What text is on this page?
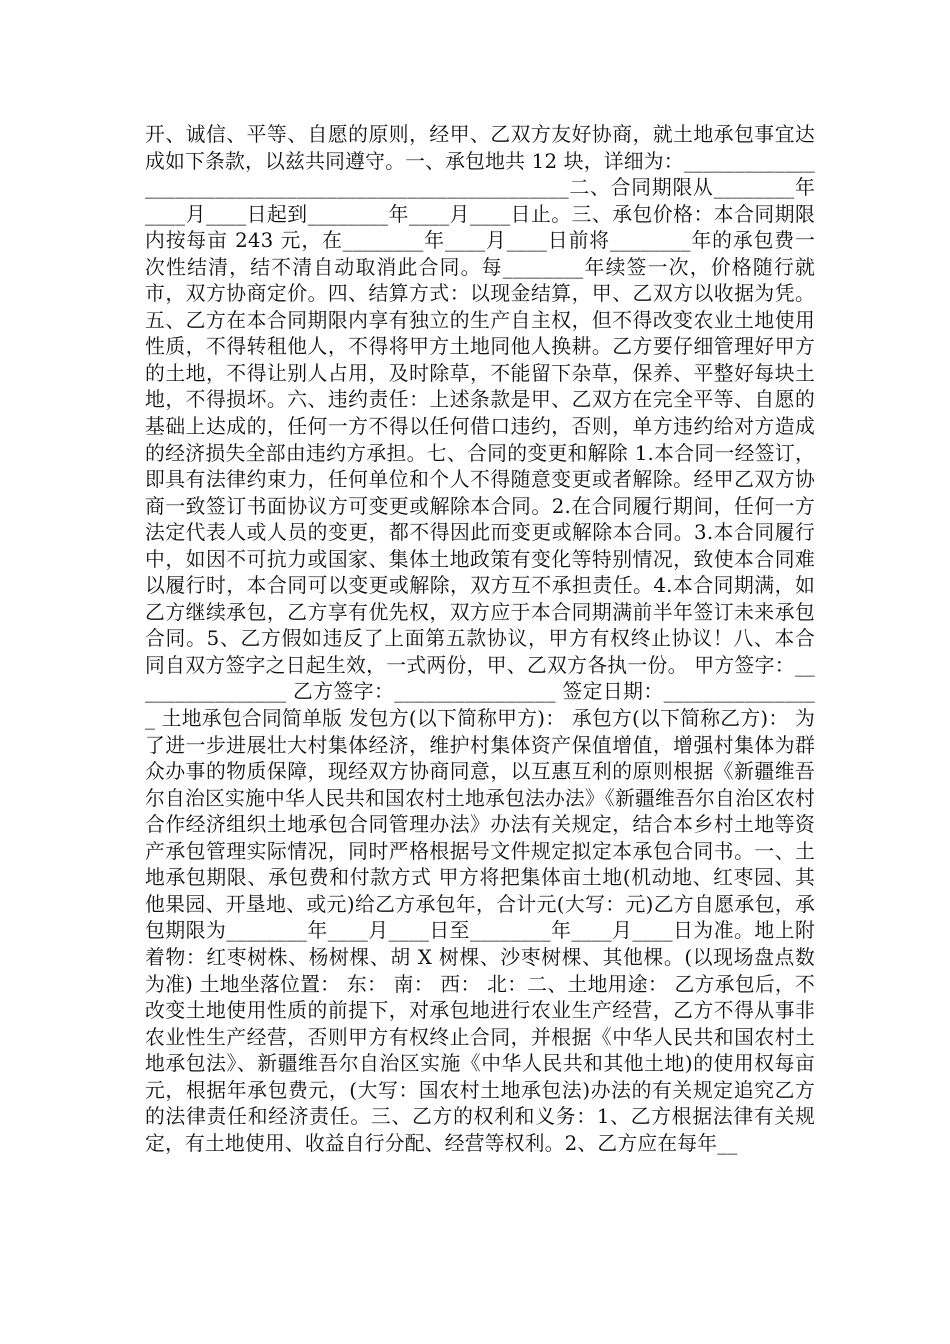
开、诚信、平等、自愿的原则，经甲、乙双方友好协商，就土地承包事宜达成如下条款，以兹共同遵守。一、承包地共 12 块，详细为：_______________________________________________________二、合同期限从________年____月____日起到________年____月____日止。三、承包价格：本合同期限内按每亩 243 元，在________年____月____日前将________年的承包费一次性结清，结不清自动取消此合同。每________年续签一次，价格随行就市，双方协商定价。四、结算方式：以现金结算，甲、乙双方以收据为凭。五、乙方在本合同期限内享有独立的生产自主权，但不得改变农业土地使用性质，不得转租他人，不得将甲方土地同他人换耕。乙方要仔细管理好甲方的土地，不得让别人占用，及时除草，不能留下杂草，保养、平整好每块土地，不得损坏。六、违约责任：上述条款是甲、乙双方在完全平等、自愿的基础上达成的，任何一方不得以任何借口违约，否则，单方违约给对方造成的经济损失全部由违约方承担。七、合同的变更和解除 1.本合同一经签订，即具有法律约束力，任何单位和个人不得随意变更或者解除。经甲乙双方协商一致签订书面协议方可变更或解除本合同。2.在合同履行期间，任何一方法定代表人或人员的变更，都不得因此而变更或解除本合同。3.本合同履行中，如因不可抗力或国家、集体土地政策有变化等特别情况，致使本合同难以履行时，本合同可以变更或解除，双方互不承担责任。4.本合同期满，如乙方继续承包，乙方享有优先权，双方应于本合同期满前半年签订未来承包合同。5、乙方假如违反了上面第五款协议，甲方有权终止协议！八、本合同自双方签字之日起生效，一式两份，甲、乙双方各执一份。 甲方签字：________________ 乙方签字：________________ 签定日期：________________ 土地承包合同简单版 发包方(以下简称甲方)： 承包方(以下简称乙方)： 为了进一步进展壮大村集体经济，维护村集体资产保值增值，增强村集体为群众办事的物质保障，现经双方协商同意，以互惠互利的原则根据《新疆维吾尔自治区实施中华人民共和国农村土地承包法办法》《新疆维吾尔自治区农村合作经济组织土地承包合同管理办法》办法有关规定，结合本乡村土地等资产承包管理实际情况，同时严格根据号文件规定拟定本承包合同书。一、土地承包期限、承包费和付款方式 甲方将把集体亩土地(机动地、红枣园、其他果园、开垦地、或元)给乙方承包年，合计元(大写：元)乙方自愿承包，承包期限为________年____月____日至________年____月____日为准。地上附着物：红枣树株、杨树棵、胡 X 树棵、沙枣树棵、其他棵。(以现场盘点数为准) 土地坐落位置： 东： 南： 西： 北：二、土地用途： 乙方承包后，不改变土地使用性质的前提下，对承包地进行农业生产经营，乙方不得从事非农业性生产经营，否则甲方有权终止合同，并根据《中华人民共和国农村土地承包法》、新疆维吾尔自治区实施《中华人民共和其他土地)的使用权每亩元，根据年承包费元，(大写：国农村土地承包法)办法的有关规定追究乙方的法律责任和经济责任。三、乙方的权利和义务：1、乙方根据法律有关规定，有土地使用、收益自行分配、经营等权利。2、乙方应在每年__
